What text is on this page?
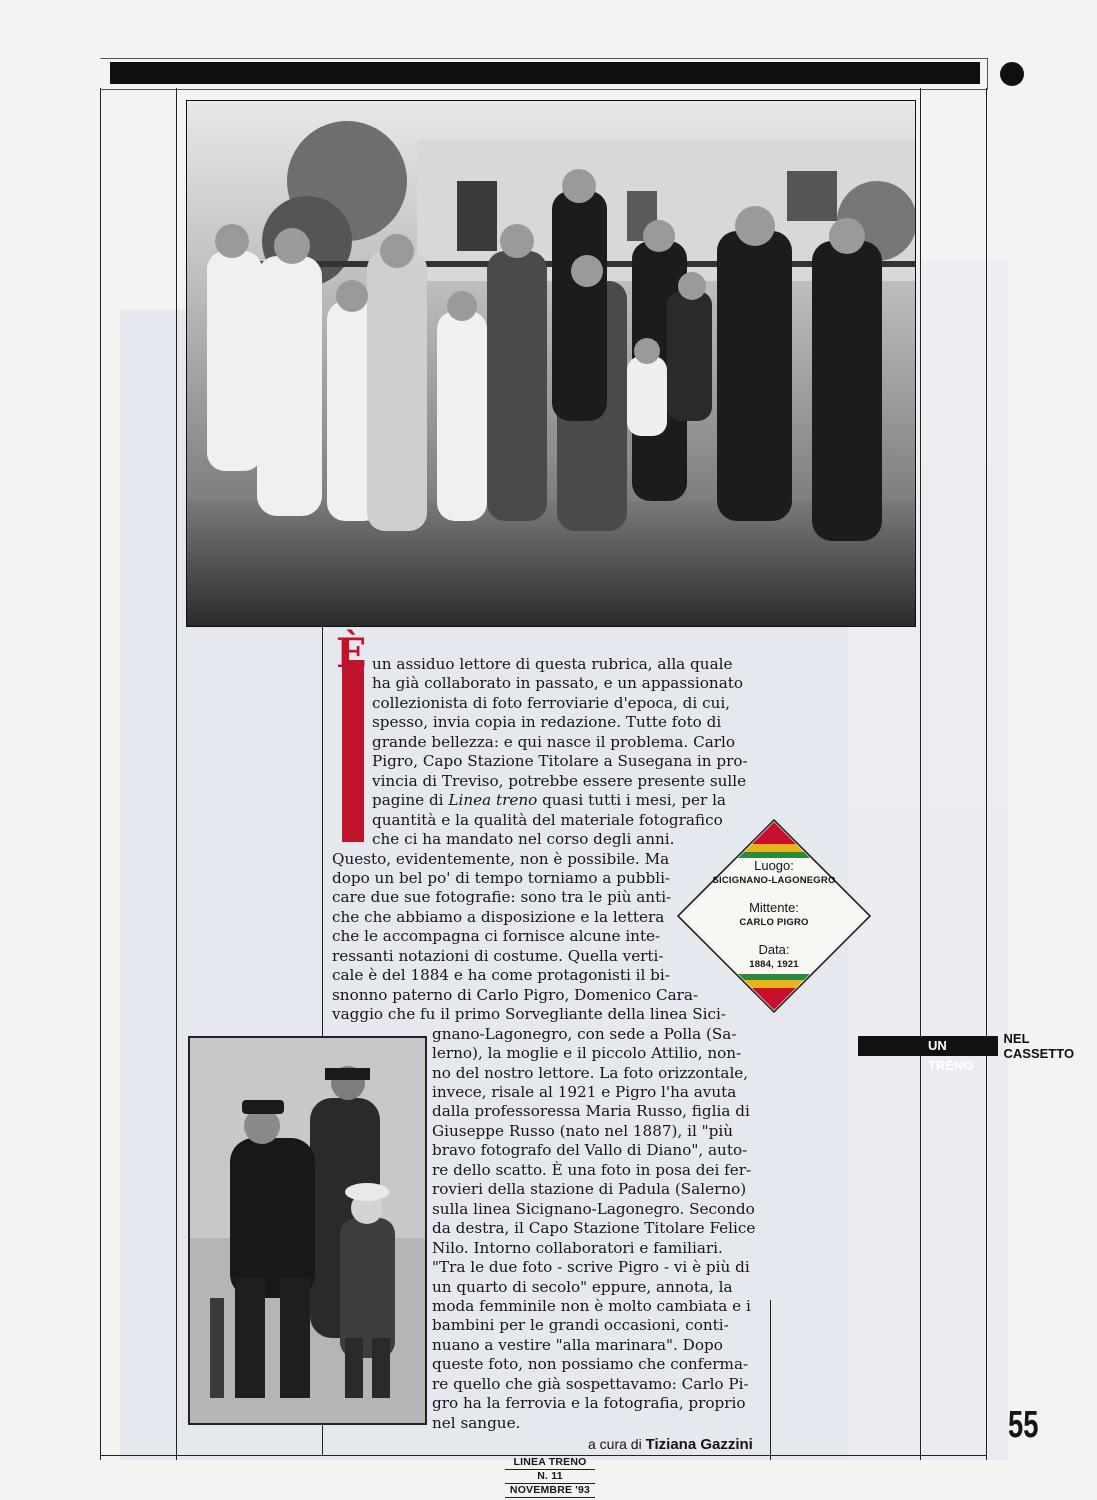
È un assiduo lettore di questa rubrica, alla quale
ha già collaborato in passato, e un appassionato
collezionista di foto ferroviarie d'epoca, di cui,
spesso, invia copia in redazione. Tutte foto di
grande bellezza: e qui nasce il problema. Carlo
Pigro, Capo Stazione Titolare a Susegana in pro-
vincia di Treviso, potrebbe essere presente sulle
pagine di Linea treno quasi tutti i mesi, per la
quantità e la qualità del materiale fotografico
che ci ha mandato nel corso degli anni.
Questo, evidentemente, non è possibile. Ma
dopo un bel po' di tempo torniamo a pubbli-
care due sue fotografie: sono tra le più anti-
che che abbiamo a disposizione e la lettera
che le accompagna ci fornisce alcune inte-
ressanti notazioni di costume. Quella verti-
cale è del 1884 e ha come protagonisti il bi-
snonno paterno di Carlo Pigro, Domenico Cara-
vaggio che fu il primo Sorvegliante della linea Sici-
gnano-Lagonegro, con sede a Polla (Sa-
lerno), la moglie e il piccolo Attilio, non-
no del nostro lettore. La foto orizzontale,
invece, risale al 1921 e Pigro l'ha avuta
dalla professoressa Maria Russo, figlia di
Giuseppe Russo (nato nel 1887), il "più
bravo fotografo del Vallo di Diano", auto-
re dello scatto. È una foto in posa dei fer-
rovieri della stazione di Padula (Salerno)
sulla linea Sicignano-Lagonegro. Secondo
da destra, il Capo Stazione Titolare Felice
Nilo. Intorno collaboratori e familiari.
"Tra le due foto - scrive Pigro - vi è più di
un quarto di secolo" eppure, annota, la
moda femminile non è molto cambiata e i
bambini per le grandi occasioni, conti-
nuano a vestire "alla marinara". Dopo
queste foto, non possiamo che conferma-
re quello che già sospettavamo: Carlo Pi-
gro ha la ferrovia e la fotografia, proprio
nel sangue.
a cura di Tiziana Gazzini
Luogo:
SICIGNANO-LAGONEGRO
Mittente:
CARLO PIGRO
Data:
1884, 1921
UN TRENO
NEL CASSETTO
55
LINEA TRENO
N. 11
NOVEMBRE '93
